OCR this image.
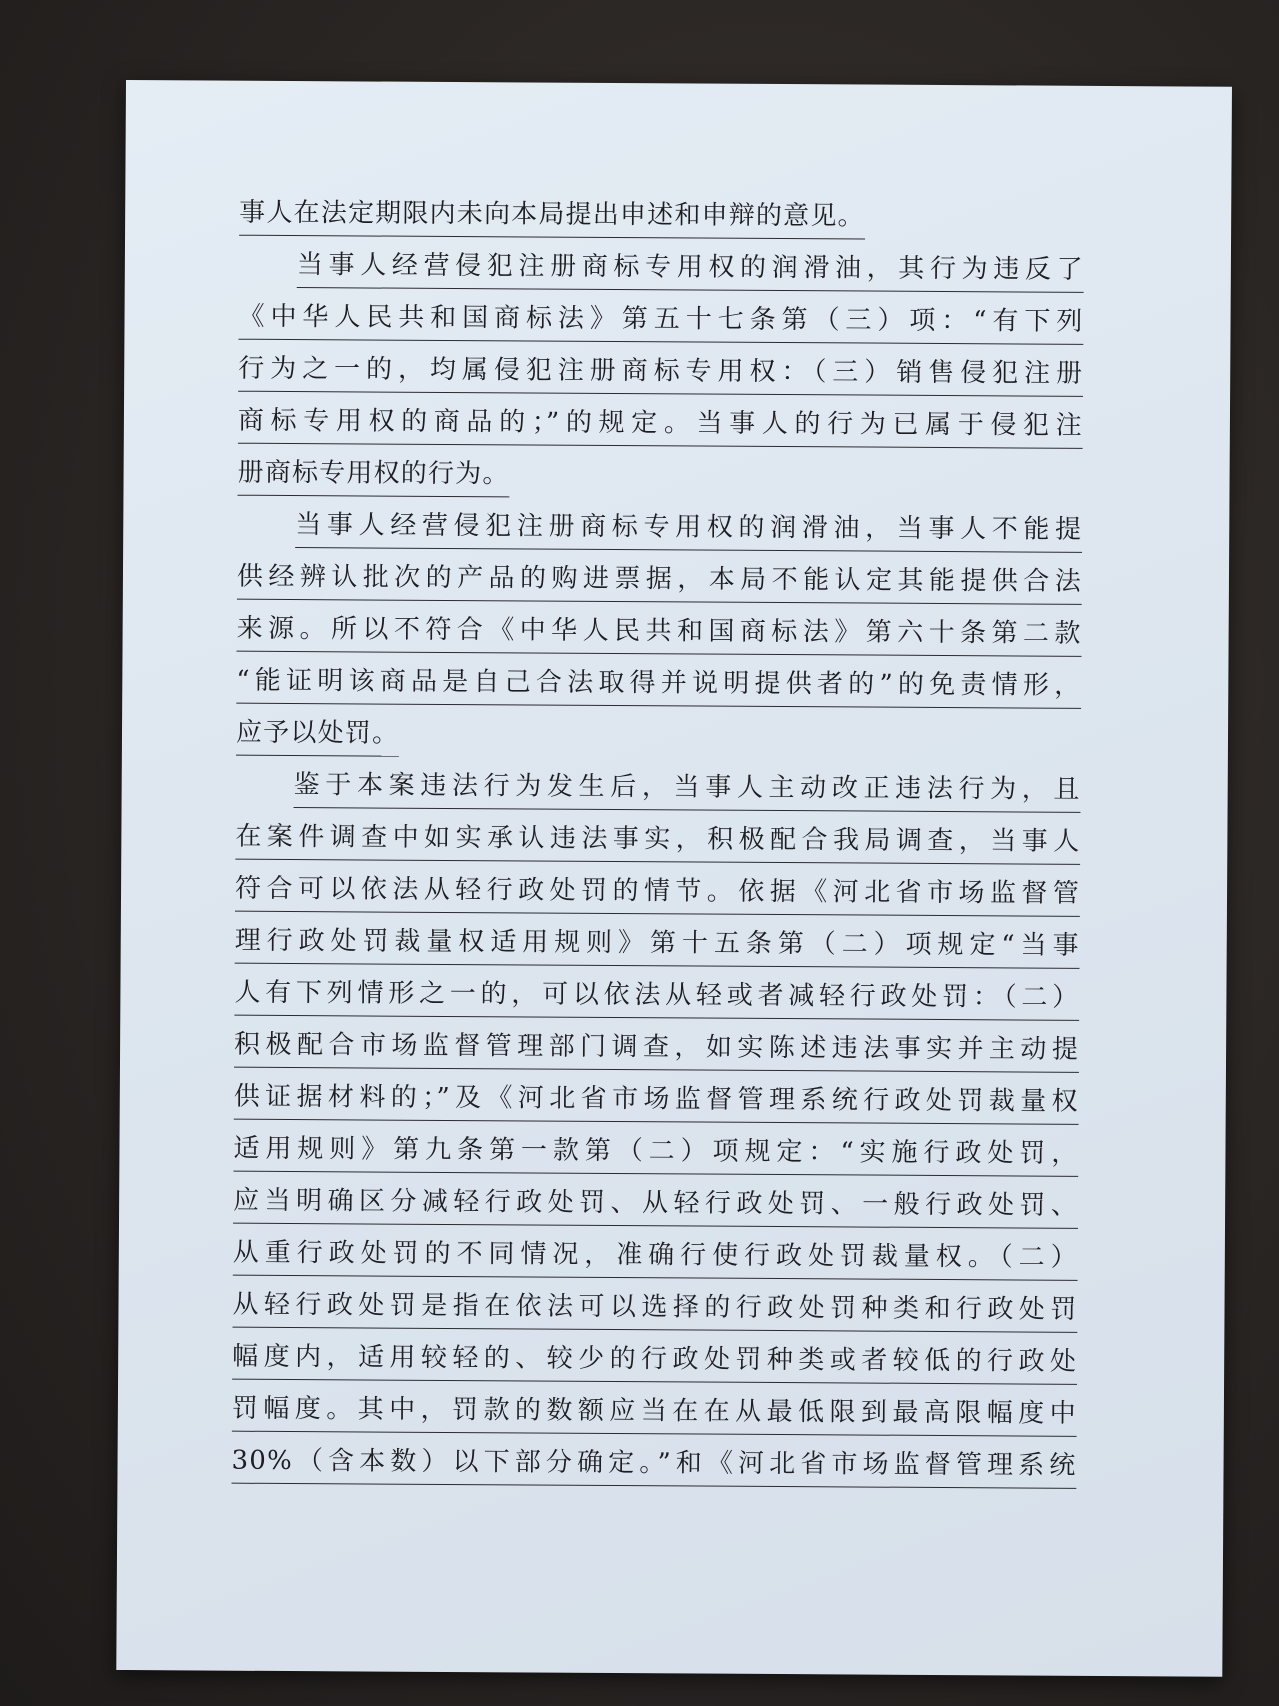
事人在法定期限内未向本局提出申述和申辩的意见。
当事人经营侵犯注册商标专用权的润滑油，其行为违反了
《中华人民共和国商标法》第五十七条第（三）项：“有下列
行为之一的，均属侵犯注册商标专用权：（三）销售侵犯注册
商标专用权的商品的；”的规定。当事人的行为已属于侵犯注
册商标专用权的行为。
当事人经营侵犯注册商标专用权的润滑油，当事人不能提
供经辨认批次的产品的购进票据，本局不能认定其能提供合法
来源。所以不符合《中华人民共和国商标法》第六十条第二款
“能证明该商品是自己合法取得并说明提供者的”的免责情形，
应予以处罚。
鉴于本案违法行为发生后，当事人主动改正违法行为，且
在案件调查中如实承认违法事实，积极配合我局调查，当事人
符合可以依法从轻行政处罚的情节。依据《河北省市场监督管
理行政处罚裁量权适用规则》第十五条第（二）项规定“当事
人有下列情形之一的，可以依法从轻或者减轻行政处罚：（二）
积极配合市场监督管理部门调查，如实陈述违法事实并主动提
供证据材料的；”及《河北省市场监督管理系统行政处罚裁量权
适用规则》第九条第一款第（二）项规定：“实施行政处罚，
应当明确区分减轻行政处罚、从轻行政处罚、一般行政处罚、
从重行政处罚的不同情况，准确行使行政处罚裁量权。（二）
从轻行政处罚是指在依法可以选择的行政处罚种类和行政处罚
幅度内，适用较轻的、较少的行政处罚种类或者较低的行政处
罚幅度。其中，罚款的数额应当在在从最低限到最高限幅度中
30%（含本数）以下部分确定。”和《河北省市场监督管理系统
